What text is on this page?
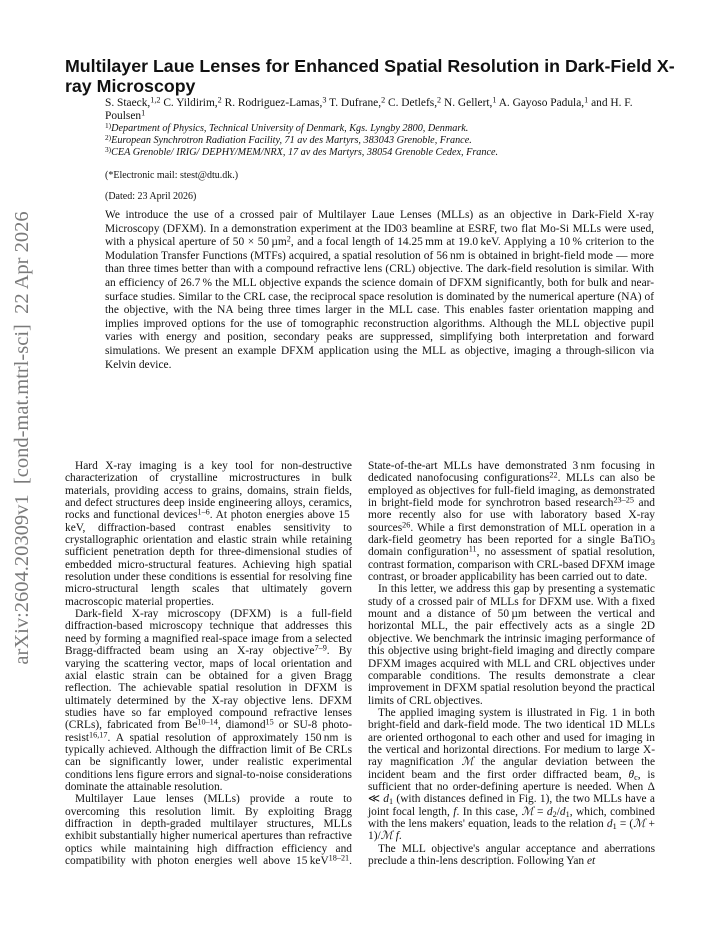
arXiv:2604.20309v1  [cond-mat.mtrl-sci]  22 Apr 2026
Multilayer Laue Lenses for Enhanced Spatial Resolution in Dark-Field X-ray Microscopy
S. Staeck,$^{1,2}$ C. Yildirim,$^2$ R. Rodriguez-Lamas,$^3$ T. Dufrane,$^2$ C. Detlefs,$^2$ N. Gellert,$^1$ A. Gayoso Padula,$^1$ and H. F. Poulsen$^1$
$^{1)}$Department of Physics, Technical University of Denmark, Kgs. Lyngby 2800, Denmark.
$^{2)}$European Synchrotron Radiation Facility, 71 av des Martyrs, 383043 Grenoble, France.
$^{3)}$CEA Grenoble/ IRIG/ DEPHY/MEM/NRX, 17 av des Martyrs, 38054 Grenoble Cedex, France.
(*Electronic mail: stest@dtu.dk.)
(Dated: 23 April 2026)
We introduce the use of a crossed pair of Multilayer Laue Lenses (MLLs) as an objective in Dark-Field X-ray Microscopy (DFXM). In a demonstration experiment at the ID03 beamline at ESRF, two flat Mo-Si MLLs were used, with a physical aperture of 50 × 50 µm$^2$, and a focal length of 14.25 mm at 19.0 keV. Applying a 10 % criterion to the Modulation Transfer Functions (MTFs) acquired, a spatial resolution of 56 nm is obtained in bright-field mode — more than three times better than with a compound refractive lens (CRL) objective. The dark-field resolution is similar. With an efficiency of 26.7 % the MLL objective expands the science domain of DFXM significantly, both for bulk and near-surface studies. Similar to the CRL case, the reciprocal space resolution is dominated by the numerical aperture (NA) of the objective, with the NA being three times larger in the MLL case. This enables faster orientation mapping and implies improved options for the use of tomographic reconstruction algorithms. Although the MLL objective pupil varies with energy and position, secondary peaks are suppressed, simplifying both interpretation and forward simulations. We present an example DFXM application using the MLL as objective, imaging a through-silicon via Kelvin device.

Hard X-ray imaging is a key tool for non-destructive characterization of crystalline microstructures in bulk materials, providing access to grains, domains, strain fields, and defect structures deep inside engineering alloys, ceramics, rocks and functional devices$^{1-6}$. At photon energies above 15 keV, diffraction-based contrast enables sensitivity to crystallographic orientation and elastic strain while retaining sufficient penetration depth for three-dimensional studies of embedded micro-structural features. Achieving high spatial resolution under these conditions is essential for resolving fine micro-structural length scales that ultimately govern macroscopic material properties.

Dark-field X-ray microscopy (DFXM) is a full-field diffraction-based microscopy technique that addresses this need by forming a magnified real-space image from a selected Bragg-diffracted beam using an X-ray objective$^{7-9}$. By varying the scattering vector, maps of local orientation and axial elastic strain can be obtained for a given Bragg reflection. The achievable spatial resolution in DFXM is ultimately determined by the X-ray objective lens. DFXM studies have so far employed compound refractive lenses (CRLs), fabricated from Be$^{10-14}$, diamond$^{15}$ or SU-8 photo-resist$^{16,17}$. A spatial resolution of approximately 150 nm is typically achieved. Although the diffraction limit of Be CRLs can be significantly lower, under realistic experimental conditions lens figure errors and signal-to-noise considerations dominate the attainable resolution.

Multilayer Laue lenses (MLLs) provide a route to overcoming this resolution limit. By exploiting Bragg diffraction in depth-graded multilayer structures, MLLs exhibit substantially higher numerical apertures than refractive optics while maintaining high diffraction efficiency and compatibility with photon energies well above 15 keV$^{18-21}$. State-of-the-art MLLs have demonstrated 3 nm focusing in dedicated nanofocusing configurations$^{22}$. MLLs can also be employed as objectives for full-field imaging, as demonstrated in bright-field mode for synchrotron based research$^{23-25}$ and more recently also for use with laboratory based X-ray sources$^{26}$. While a first demonstration of MLL operation in a dark-field geometry has been reported for a single BaTiO$_3$ domain configuration$^{11}$, no assessment of spatial resolution, contrast formation, comparison with CRL-based DFXM image contrast, or broader applicability has been carried out to date.

In this letter, we address this gap by presenting a systematic study of a crossed pair of MLLs for DFXM use. With a fixed mount and a distance of 50 µm between the vertical and horizontal MLL, the pair effectively acts as a single 2D objective. We benchmark the intrinsic imaging performance of this objective using bright-field imaging and directly compare DFXM images acquired with MLL and CRL objectives under comparable conditions. The results demonstrate a clear improvement in DFXM spatial resolution beyond the practical limits of CRL objectives.

The applied imaging system is illustrated in Fig. 1 in both bright-field and dark-field mode. The two identical 1D MLLs are oriented orthogonal to each other and used for imaging in the vertical and horizontal directions. For medium to large X-ray magnification ℳ the angular deviation between the incident beam and the first order diffracted beam, $\theta_c$, is sufficient that no order-defining aperture is needed. When Δ ≪ $d_1$ (with distances defined in Fig. 1), the two MLLs have a joint focal length, f. In this case, ℳ = $d_2/d_1$, which, combined with the lens makers' equation, leads to the relation $d_1$ = (ℳ + 1)/ℳ f.

The MLL objective's angular acceptance and aberrations preclude a thin-lens description. Following Yan et
